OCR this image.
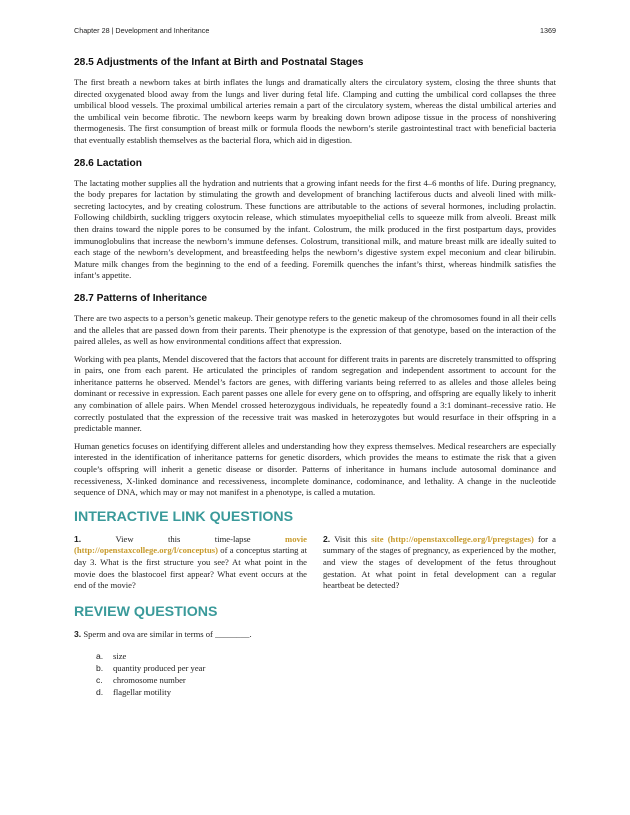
Chapter 28 | Development and Inheritance	1369
28.5 Adjustments of the Infant at Birth and Postnatal Stages

The first breath a newborn takes at birth inflates the lungs and dramatically alters the circulatory system, closing the three shunts that directed oxygenated blood away from the lungs and liver during fetal life. Clamping and cutting the umbilical cord collapses the three umbilical blood vessels. The proximal umbilical arteries remain a part of the circulatory system, whereas the distal umbilical arteries and the umbilical vein become fibrotic. The newborn keeps warm by breaking down brown adipose tissue in the process of nonshivering thermogenesis. The first consumption of breast milk or formula floods the newborn’s sterile gastrointestinal tract with beneficial bacteria that eventually establish themselves as the bacterial flora, which aid in digestion.

28.6 Lactation

The lactating mother supplies all the hydration and nutrients that a growing infant needs for the first 4–6 months of life. During pregnancy, the body prepares for lactation by stimulating the growth and development of branching lactiferous ducts and alveoli lined with milk-secreting lactocytes, and by creating colostrum. These functions are attributable to the actions of several hormones, including prolactin. Following childbirth, suckling triggers oxytocin release, which stimulates myoepithelial cells to squeeze milk from alveoli. Breast milk then drains toward the nipple pores to be consumed by the infant. Colostrum, the milk produced in the first postpartum days, provides immunoglobulins that increase the newborn’s immune defenses. Colostrum, transitional milk, and mature breast milk are ideally suited to each stage of the newborn’s development, and breastfeeding helps the newborn’s digestive system expel meconium and clear bilirubin. Mature milk changes from the beginning to the end of a feeding. Foremilk quenches the infant’s thirst, whereas hindmilk satisfies the infant’s appetite.

28.7 Patterns of Inheritance

There are two aspects to a person’s genetic makeup. Their genotype refers to the genetic makeup of the chromosomes found in all their cells and the alleles that are passed down from their parents. Their phenotype is the expression of that genotype, based on the interaction of the paired alleles, as well as how environmental conditions affect that expression.

Working with pea plants, Mendel discovered that the factors that account for different traits in parents are discretely transmitted to offspring in pairs, one from each parent. He articulated the principles of random segregation and independent assortment to account for the inheritance patterns he observed. Mendel’s factors are genes, with differing variants being referred to as alleles and those alleles being dominant or recessive in expression. Each parent passes one allele for every gene on to offspring, and offspring are equally likely to inherit any combination of allele pairs. When Mendel crossed heterozygous individuals, he repeatedly found a 3:1 dominant–recessive ratio. He correctly postulated that the expression of the recessive trait was masked in heterozygotes but would resurface in their offspring in a predictable manner.

Human genetics focuses on identifying different alleles and understanding how they express themselves. Medical researchers are especially interested in the identification of inheritance patterns for genetic disorders, which provides the means to estimate the risk that a given couple’s offspring will inherit a genetic disease or disorder. Patterns of inheritance in humans include autosomal dominance and recessiveness, X-linked dominance and recessiveness, incomplete dominance, codominance, and lethality. A change in the nucleotide sequence of DNA, which may or may not manifest in a phenotype, is called a mutation.

INTERACTIVE LINK QUESTIONS
1.	View this time-lapse	movie (http://openstaxcollege.org/l/conceptus) of a conceptus starting at day 3. What is the first structure you see? At what point in the movie does the blastocoel first appear? What event occurs at the end of the movie?
2. Visit this site (http://openstaxcollege.org/l/pregstages) for a summary of the stages of pregnancy, as experienced by the mother, and view the stages of development of the fetus throughout gestation. At what point in fetal development can a regular heartbeat be detected?
REVIEW QUESTIONS
3. Sperm and ova are similar in terms of ________.
a. size
b. quantity produced per year
c. chromosome number
d. flagellar motility
